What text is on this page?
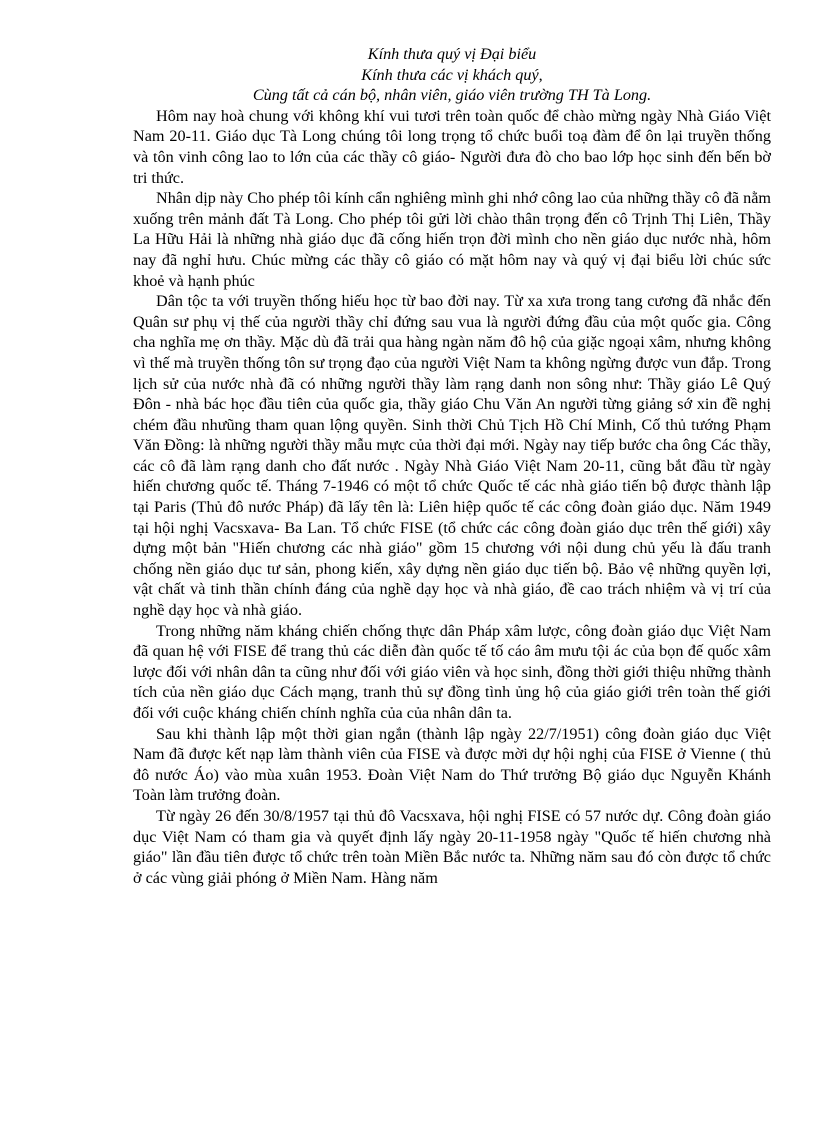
Kính thưa quý vị Đại biểu

Kính thưa các vị khách quý,

Cùng tất cả cán bộ, nhân viên, giáo viên trường TH Tà Long.

Hôm nay hoà chung với không khí vui tươi trên toàn quốc để chào mừng ngày Nhà Giáo Việt Nam 20-11. Giáo dục Tà Long chúng tôi long trọng tổ chức buổi toạ đàm để ôn lại truyền thống và tôn vinh công lao to lớn của các thầy cô giáo- Người đưa đò cho bao lớp học sinh đến bến bờ tri thức.

Nhân dịp này Cho phép tôi kính cẩn nghiêng mình ghi nhớ công lao của những thầy cô đã nằm xuống trên mảnh đất Tà Long. Cho phép tôi gửi lời chào thân trọng đến cô Trịnh Thị Liên, Thầy La Hữu Hải là những nhà giáo dục đã cống hiến trọn đời mình cho nền giáo dục nước nhà, hôm nay đã nghỉ hưu. Chúc mừng các thầy cô giáo có mặt hôm nay và quý vị đại biểu lời chúc sức khoẻ và hạnh phúc

Dân tộc ta với truyền thống hiếu học từ bao đời nay. Từ xa xưa trong tang cương đã nhắc đến Quân sư phụ vị thế của người thầy chỉ đứng sau vua là người đứng đầu của một quốc gia. Công cha nghĩa mẹ ơn thầy. Mặc dù đã trải qua hàng ngàn năm đô hộ của giặc ngoại xâm, nhưng không vì thế mà truyền thống tôn sư trọng đạo của người Việt Nam ta không ngừng được vun đắp. Trong lịch sử của nước nhà đã có những người thầy làm rạng danh non sông như: Thầy giáo Lê Quý Đôn - nhà bác học đầu tiên của quốc gia, thầy giáo Chu Văn An người từng giảng sớ xin đề nghị chém đầu nhưũng tham quan lộng quyền. Sinh thời Chủ Tịch Hồ Chí Minh, Cố thủ tướng Phạm Văn Đồng: là những người thầy mẫu mực của thời đại mới. Ngày nay tiếp bước cha ông Các thầy, các cô đã làm rạng danh cho đất nước . Ngày Nhà Giáo Việt Nam 20-11, cũng bắt đầu từ ngày hiến chương quốc tế. Tháng 7-1946 có một tổ chức Quốc tế các nhà giáo tiến bộ được thành lập tại Paris (Thủ đô nước Pháp) đã lấy tên là: Liên hiệp quốc tế các công đoàn giáo dục. Năm 1949 tại hội nghị Vacsxava- Ba Lan. Tổ chức FISE (tổ chức các công đoàn giáo dục trên thế giới) xây dựng một bản "Hiến chương các nhà giáo" gồm 15 chương với nội dung chủ yếu là đấu tranh chống nền giáo dục tư sản, phong kiến, xây dựng nền giáo dục tiến bộ. Bảo vệ những quyền lợi, vật chất và tinh thần chính đáng của nghề dạy học và nhà giáo, đề cao trách nhiệm và vị trí của nghề dạy học và nhà giáo.

Trong những năm kháng chiến chống thực dân Pháp xâm lược, công đoàn giáo dục Việt Nam đã quan hệ với FISE để trang thủ các diễn đàn quốc tế tố cáo âm mưu tội ác của bọn đế quốc xâm lược đối với nhân dân ta cũng như đối với giáo viên và học sinh, đồng thời giới thiệu những thành tích của nền giáo dục Cách mạng, tranh thủ sự đồng tình ủng hộ của giáo giới trên toàn thế giới đối với cuộc kháng chiến chính nghĩa của của nhân dân ta.

Sau khi thành lập một thời gian ngắn (thành lập ngày 22/7/1951) công đoàn giáo dục Việt Nam đã được kết nạp làm thành viên của FISE và được mời dự hội nghị của FISE ở Vienne ( thủ đô nước Áo) vào mùa xuân 1953. Đoàn Việt Nam do Thứ trưởng Bộ giáo dục Nguyễn Khánh Toàn làm trưởng đoàn.

Từ ngày 26 đến 30/8/1957 tại thủ đô Vacsxava, hội nghị FISE có 57 nước dự. Công đoàn giáo dục Việt Nam có tham gia và quyết định lấy ngày 20-11-1958 ngày "Quốc tế hiến chương nhà giáo" lần đầu tiên được tổ chức trên toàn Miền Bắc nước ta. Những năm sau đó còn được tổ chức ở các vùng giải phóng ở Miền Nam. Hàng năm
